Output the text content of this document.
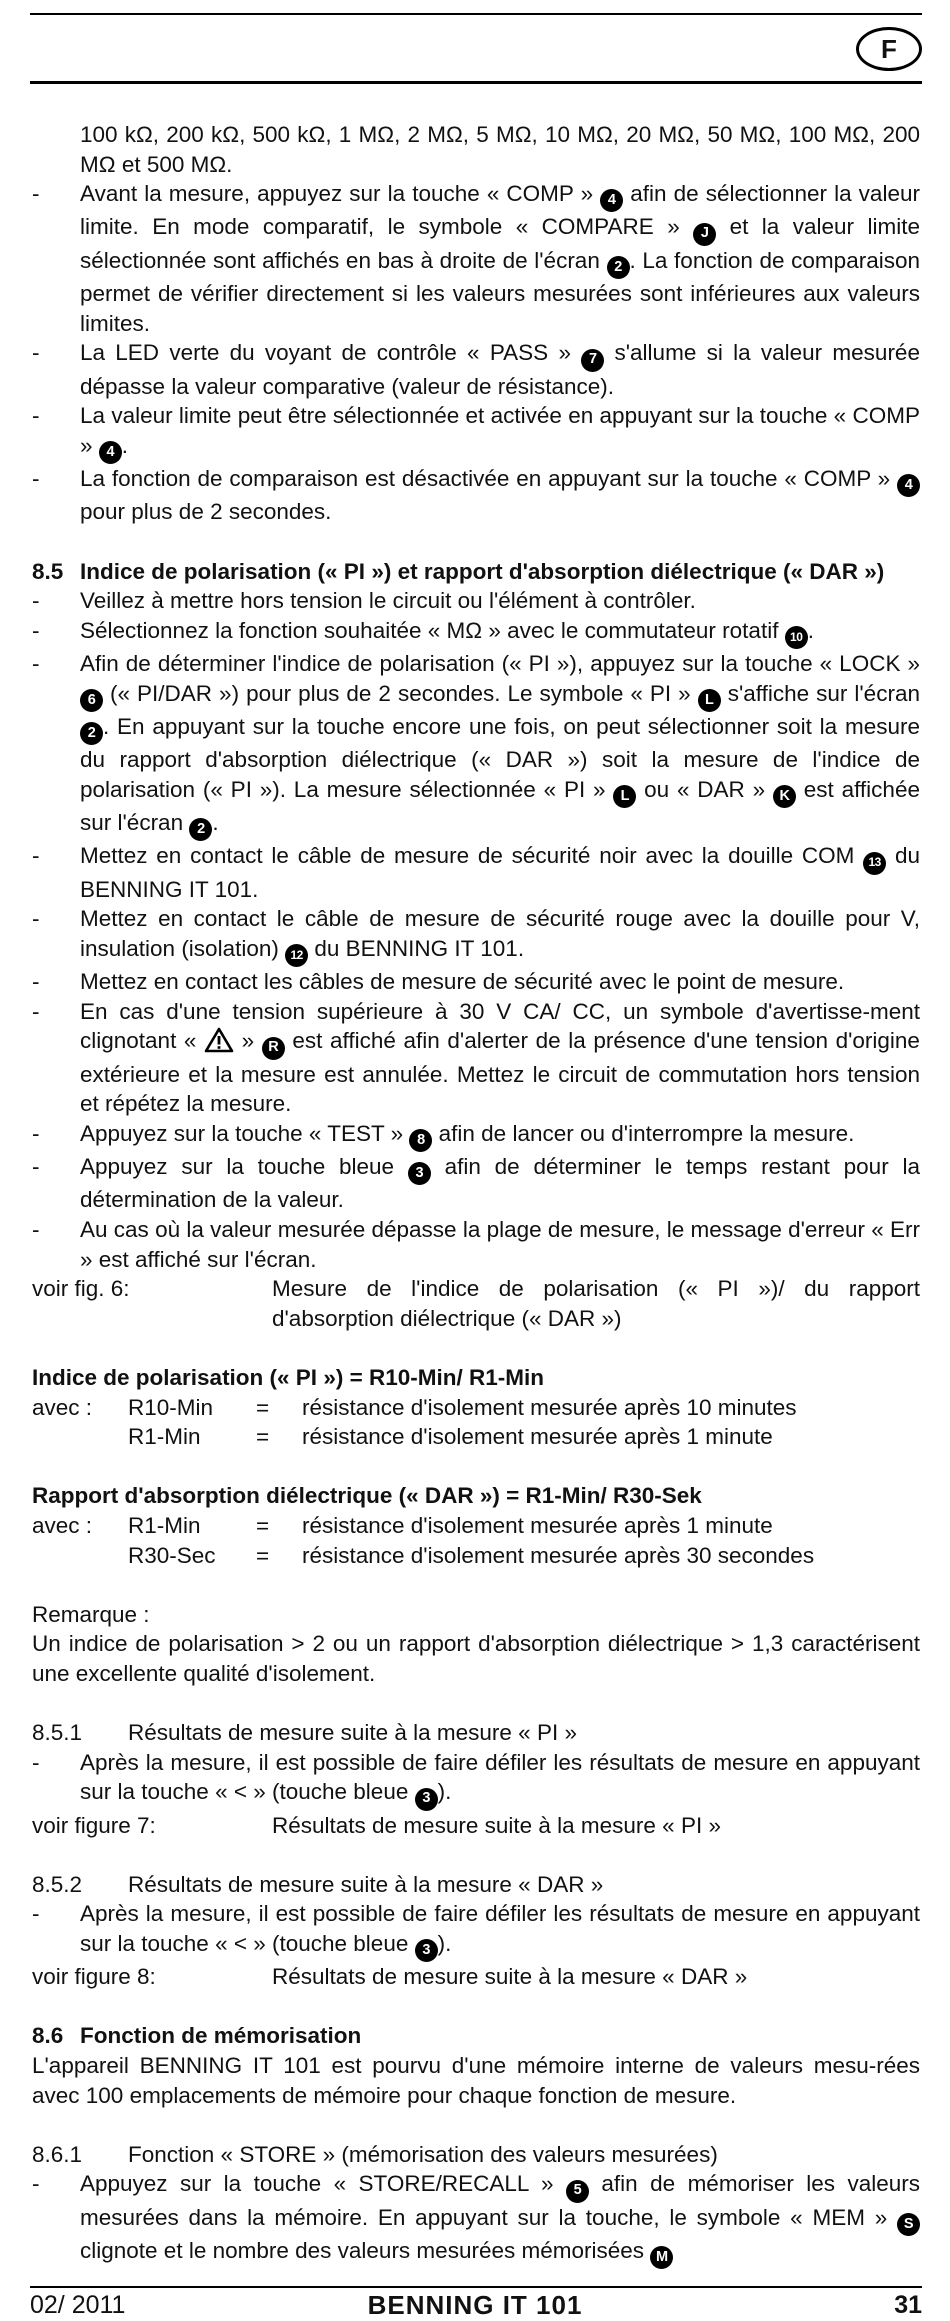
F

100 kΩ, 200 kΩ, 500 kΩ, 1 MΩ, 2 MΩ, 5 MΩ, 10 MΩ, 20 MΩ, 50 MΩ, 100 MΩ, 200 MΩ et 500 MΩ.

-	Avant la mesure, appuyez sur la touche « COMP » 4 afin de sélectionner la valeur limite. En mode comparatif, le symbole « COMPARE » J et la valeur limite sélectionnée sont affichés en bas à droite de l'écran 2 . La fonction de comparaison permet de vérifier directement si les valeurs mesurées sont inférieures aux valeurs limites.
-	La LED verte du voyant de contrôle « PASS » 7 s'allume si la valeur mesurée dépasse la valeur comparative (valeur de résistance).
-	La valeur limite peut être sélectionnée et activée en appuyant sur la touche « COMP » 4 .
-	La fonction de comparaison est désactivée en appuyant sur la touche « COMP » 4 pour plus de 2 secondes.
8.5 Indice de polarisation (« PI ») et rapport d'absorption diélectrique (« DAR »)
-	Veillez à mettre hors tension le circuit ou l'élément à contrôler.
-	Sélectionnez la fonction souhaitée « MΩ » avec le commutateur rotatif 10 .
-	Afin de déterminer l'indice de polarisation (« PI »), appuyez sur la touche « LOCK » 6 (« PI/DAR ») pour plus de 2 secondes. Le symbole « PI » L s'affiche sur l'écran 2 . En appuyant sur la touche encore une fois, on peut sélectionner soit la mesure du rapport d'absorption diélectrique (« DAR ») soit la mesure de l'indice de polarisation (« PI »). La mesure sélectionnée « PI » L ou « DAR » K est affichée sur l'écran 2 .
-	Mettez en contact le câble de mesure de sécurité noir avec la douille COM 13 du BENNING IT 101.
-	Mettez en contact le câble de mesure de sécurité rouge avec la douille pour V, insulation (isolation) 12 du BENNING IT 101.
-	Mettez en contact les câbles de mesure de sécurité avec le point de mesure.
-	En cas d'une tension supérieure à 30 V CA/ CC, un symbole d'avertisse-ment clignotant « » R est affiché afin d'alerter de la présence d'une tension d'origine extérieure et la mesure est annulée. Mettez le circuit de commutation hors tension et répétez la mesure.
-	Appuyez sur la touche « TEST » 8 afin de lancer ou d'interrompre la mesure.
-	Appuyez sur la touche bleue 3 afin de déterminer le temps restant pour la détermination de la valeur.
-	Au cas où la valeur mesurée dépasse la plage de mesure, le message d'erreur « Err » est affiché sur l'écran.
voir fig. 6:	Mesure de l'indice de polarisation (« PI »)/ du rapport d'absorption diélectrique (« DAR »)

Indice de polarisation (« PI ») = R10-Min/ R1-Min

avec :	R10-Min	=	résistance d'isolement mesurée après 10 minutes
R1-Min	=	résistance d'isolement mesurée après 1 minute

Rapport d'absorption diélectrique (« DAR ») = R1-Min/ R30-Sek

avec :	R1-Min	=	résistance d'isolement mesurée après 1 minute
R30-Sec	=	résistance d'isolement mesurée après 30 secondes

Remarque :

Un indice de polarisation > 2 ou un rapport d'absorption diélectrique > 1,3 caractérisent une excellente qualité d'isolement.

8.5.1	Résultats de mesure suite à la mesure « PI »
-	Après la mesure, il est possible de faire défiler les résultats de mesure en appuyant sur la touche « < » (touche bleue 3 ).
voir figure 7:	Résultats de mesure suite à la mesure « PI »
8.5.2	Résultats de mesure suite à la mesure « DAR »
-	Après la mesure, il est possible de faire défiler les résultats de mesure en appuyant sur la touche « < » (touche bleue 3 ).
voir figure 8:	Résultats de mesure suite à la mesure « DAR »
8.6 Fonction de mémorisation

L'appareil BENNING IT 101 est pourvu d'une mémoire interne de valeurs mesu-rées avec 100 emplacements de mémoire pour chaque fonction de mesure.

8.6.1	Fonction « STORE » (mémorisation des valeurs mesurées)
-	Appuyez sur la touche « STORE/RECALL » 5 afin de mémoriser les valeurs mesurées dans la mémoire. En appuyant sur la touche, le symbole « MEM » S clignote et le nombre des valeurs mesurées mémorisées M
02/ 2011	BENNING IT 101	31
